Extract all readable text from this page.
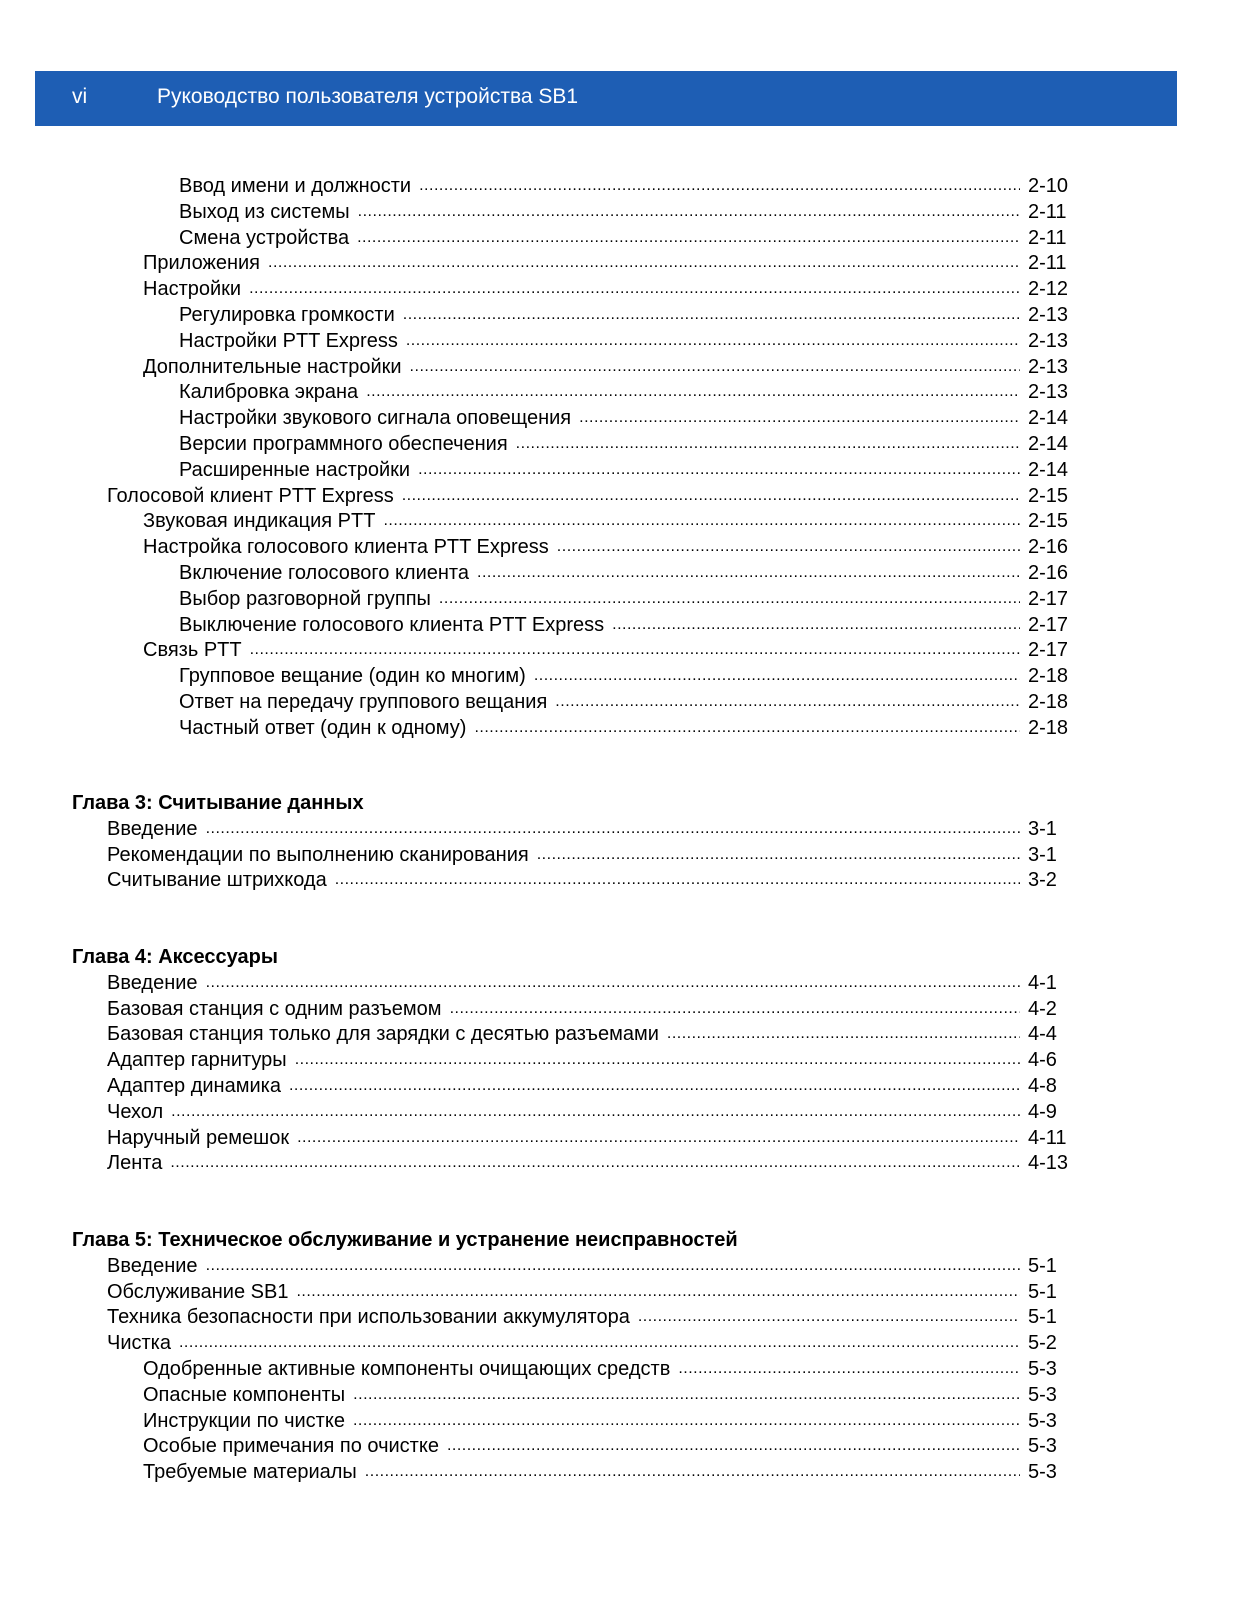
vi	Руководство пользователя устройства SB1
Ввод имени и должности .....	2-10
Выход из системы .....	2-11
Смена устройства .....	2-11
Приложения .....	2-11
Настройки .....	2-12
Регулировка громкости .....	2-13
Настройки PTT Express .....	2-13
Дополнительные настройки .....	2-13
Калибровка экрана .....	2-13
Настройки звукового сигнала оповещения .....	2-14
Версии программного обеспечения .....	2-14
Расширенные настройки .....	2-14
Голосовой клиент PTT Express .....	2-15
Звуковая индикация PTT .....	2-15
Настройка голосового клиента PTT Express .....	2-16
Включение голосового клиента .....	2-16
Выбор разговорной группы .....	2-17
Выключение голосового клиента PTT Express .....	2-17
Связь PTT .....	2-17
Групповое вещание (один ко многим) .....	2-18
Ответ на передачу группового вещания .....	2-18
Частный ответ (один к одному) .....	2-18
Глава 3: Считывание данных
Введение .....	3-1
Рекомендации по выполнению сканирования .....	3-1
Считывание штрихкода .....	3-2
Глава 4: Аксессуары
Введение .....	4-1
Базовая станция с одним разъемом .....	4-2
Базовая станция только для зарядки с десятью разъемами .....	4-4
Адаптер гарнитуры .....	4-6
Адаптер динамика .....	4-8
Чехол .....	4-9
Наручный ремешок .....	4-11
Лента .....	4-13
Глава 5: Техническое обслуживание и устранение неисправностей
Введение .....	5-1
Обслуживание SB1 .....	5-1
Техника безопасности при использовании аккумулятора .....	5-1
Чистка .....	5-2
Одобренные активные компоненты очищающих средств .....	5-3
Опасные компоненты .....	5-3
Инструкции по чистке .....	5-3
Особые примечания по очистке .....	5-3
Требуемые материалы .....	5-3
